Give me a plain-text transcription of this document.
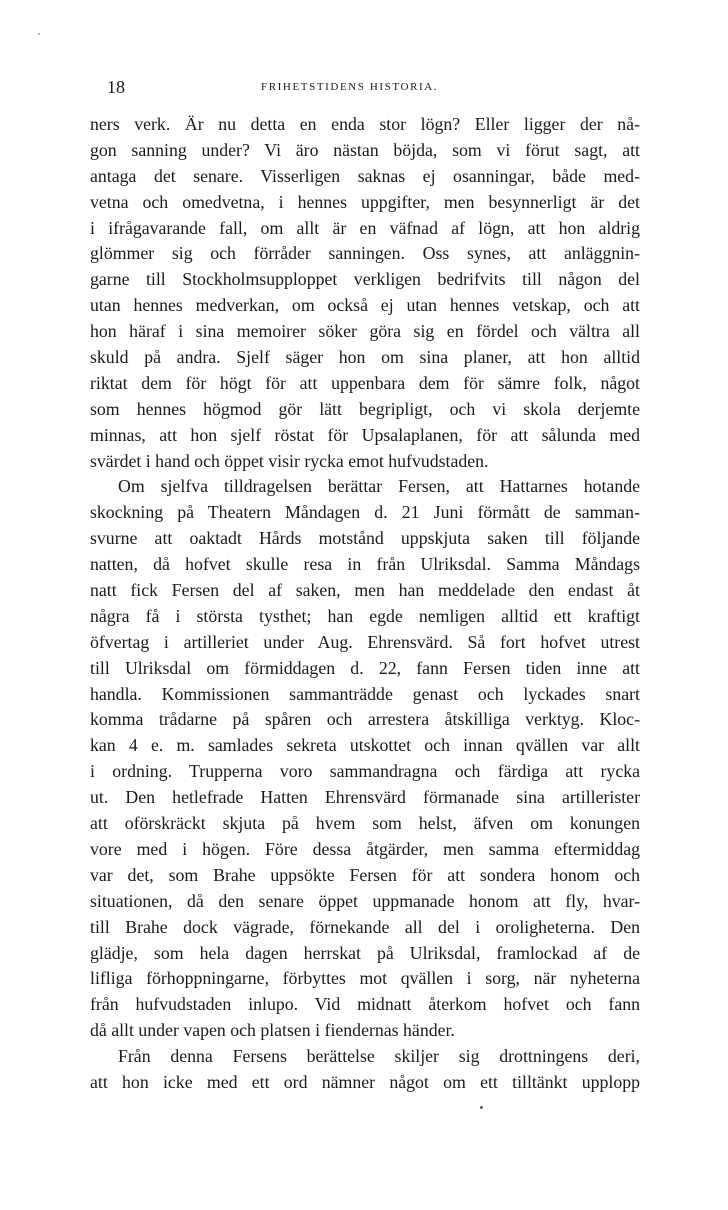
18	FRIHETSTIDENS HISTORIA.
ners verk. Är nu detta en enda stor lögn? Eller ligger der nå-
gon sanning under? Vi äro nästan böjda, som vi förut sagt, att
antaga det senare. Visserligen saknas ej osanningar, både med-
vetna och omedvetna, i hennes uppgifter, men besynnerligt är det
i ifrågavarande fall, om allt är en väfnad af lögn, att hon aldrig
glömmer sig och förråder sanningen. Oss synes, att anläggnin-
garne till Stockholmsupploppet verkligen bedrifvits till någon del
utan hennes medverkan, om också ej utan hennes vetskap, och att
hon häraf i sina memoirer söker göra sig en fördel och vältra all
skuld på andra. Sjelf säger hon om sina planer, att hon alltid
riktat dem för högt för att uppenbara dem för sämre folk, något
som hennes högmod gör lätt begripligt, och vi skola derjemte
minnas, att hon sjelf röstat för Upsalaplanen, för att sålunda med
svärdet i hand och öppet visir rycka emot hufvudstaden.
Om sjelfva tilldragelsen berättar Fersen, att Hattarnes hotande
skockning på Theatern Måndagen d. 21 Juni förmått de samman-
svurne att oaktadt Hårds motstånd uppskjuta saken till följande
natten, då hofvet skulle resa in från Ulriksdal. Samma Måndags
natt fick Fersen del af saken, men han meddelade den endast åt
några få i största tysthet; han egde nemligen alltid ett kraftigt
öfvertag i artilleriet under Aug. Ehrensvärd. Så fort hofvet utrest
till Ulriksdal om förmiddagen d. 22, fann Fersen tiden inne att
handla. Kommissionen sammanträdde genast och lyckades snart
komma trådarne på spåren och arrestera åtskilliga verktyg. Kloc-
kan 4 e. m. samlades sekreta utskottet och innan qvällen var allt
i ordning. Trupperna voro sammandragna och färdiga att rycka
ut. Den hetlefrade Hatten Ehrensvärd förmanade sina artillerister
att oförskräckt skjuta på hvem som helst, äfven om konungen
vore med i högen. Före dessa åtgärder, men samma eftermiddag
var det, som Brahe uppsökte Fersen för att sondera honom och
situationen, då den senare öppet uppmanade honom att fly, hvar-
till Brahe dock vägrade, förnekande all del i oroligheterna. Den
glädje, som hela dagen herrskat på Ulriksdal, framlockad af de
lifliga förhoppningarne, förbyttes mot qvällen i sorg, när nyheterna
från hufvudstaden inlupo. Vid midnatt återkom hofvet och fann
då allt under vapen och platsen i fiendernas händer.
Från denna Fersens berättelse skiljer sig drottningens deri,
att hon icke med ett ord nämner något om ett tilltänkt upplopp
